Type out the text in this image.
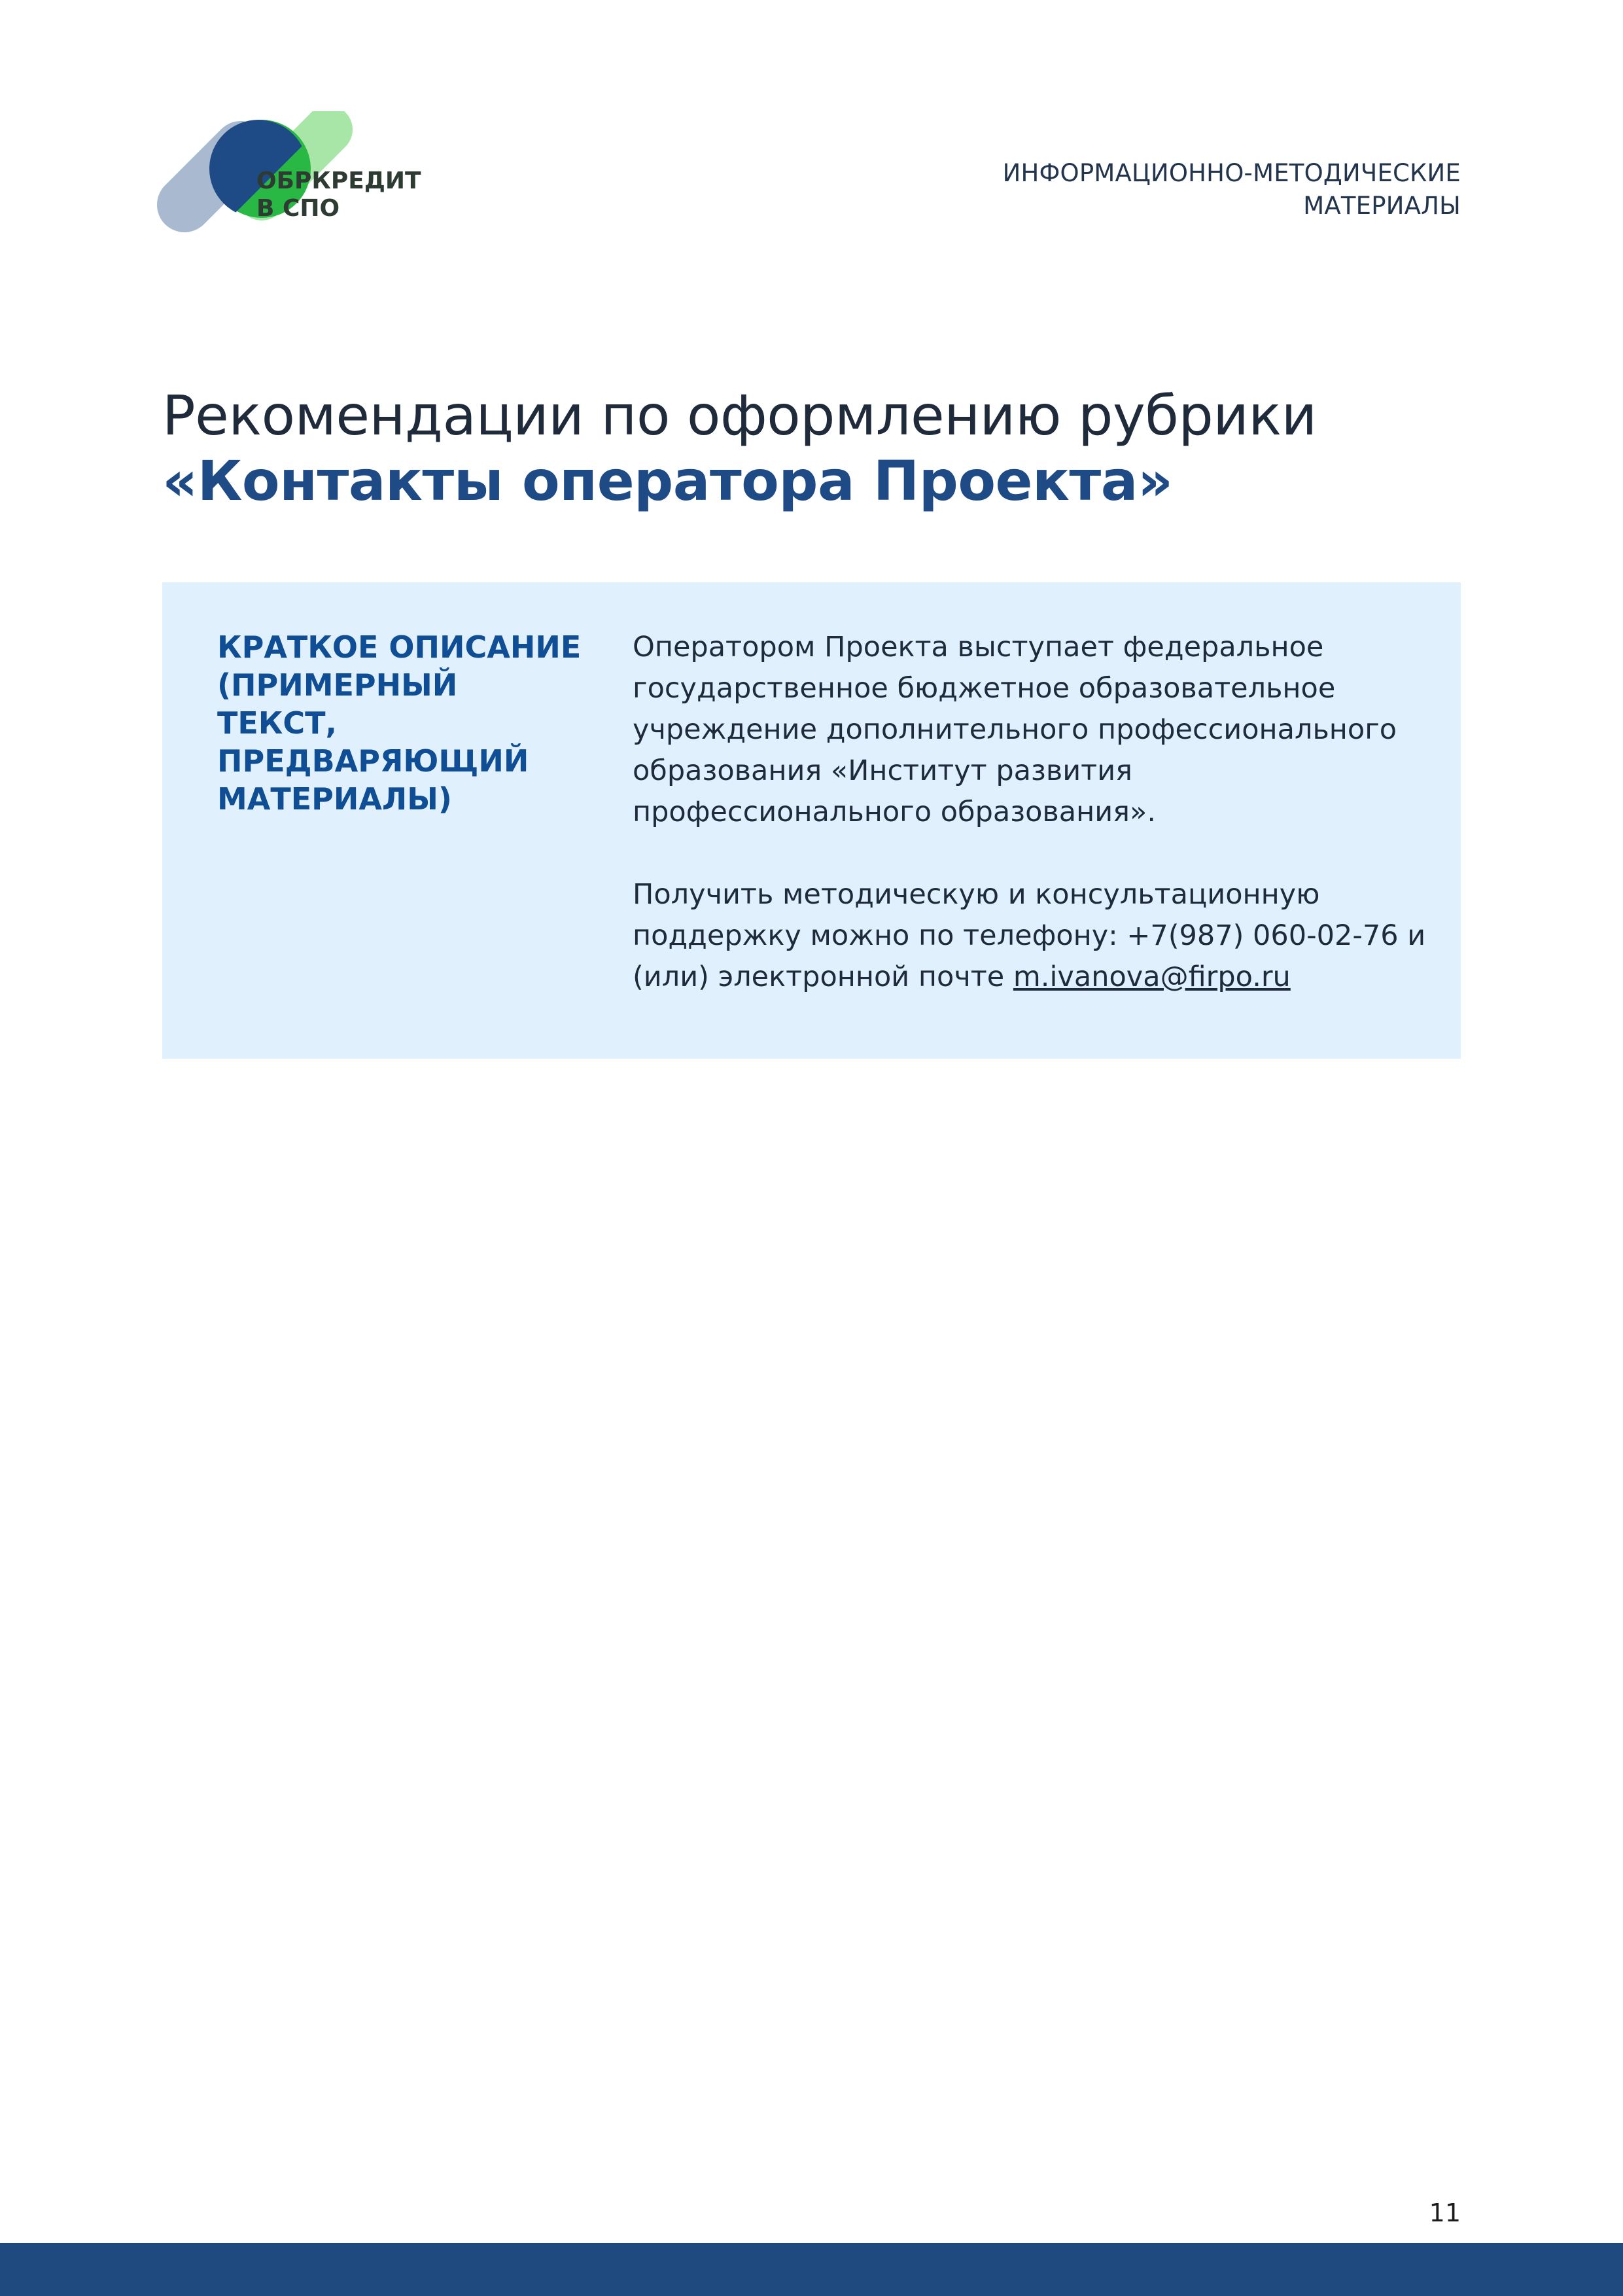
ОБРКРЕДИТ
В СПО
ИНФОРМАЦИОННО-МЕТОДИЧЕСКИЕ
МАТЕРИАЛЫ
Рекомендации по оформлению рубрики
«Контакты оператора Проекта»
КРАТКОЕ ОПИСАНИЕ
(ПРИМЕРНЫЙ ТЕКСТ,
ПРЕДВАРЯЮЩИЙ
МАТЕРИАЛЫ)
Оператором Проекта выступает федеральное
государственное бюджетное образовательное
учреждение дополнительного профессионального
образования «Институт развития
профессионального образования».
Получить методическую и консультационную
поддержку можно по телефону: +7(987) 060-02-76 и
(или) электронной почте m.ivanova@firpo.ru
11
